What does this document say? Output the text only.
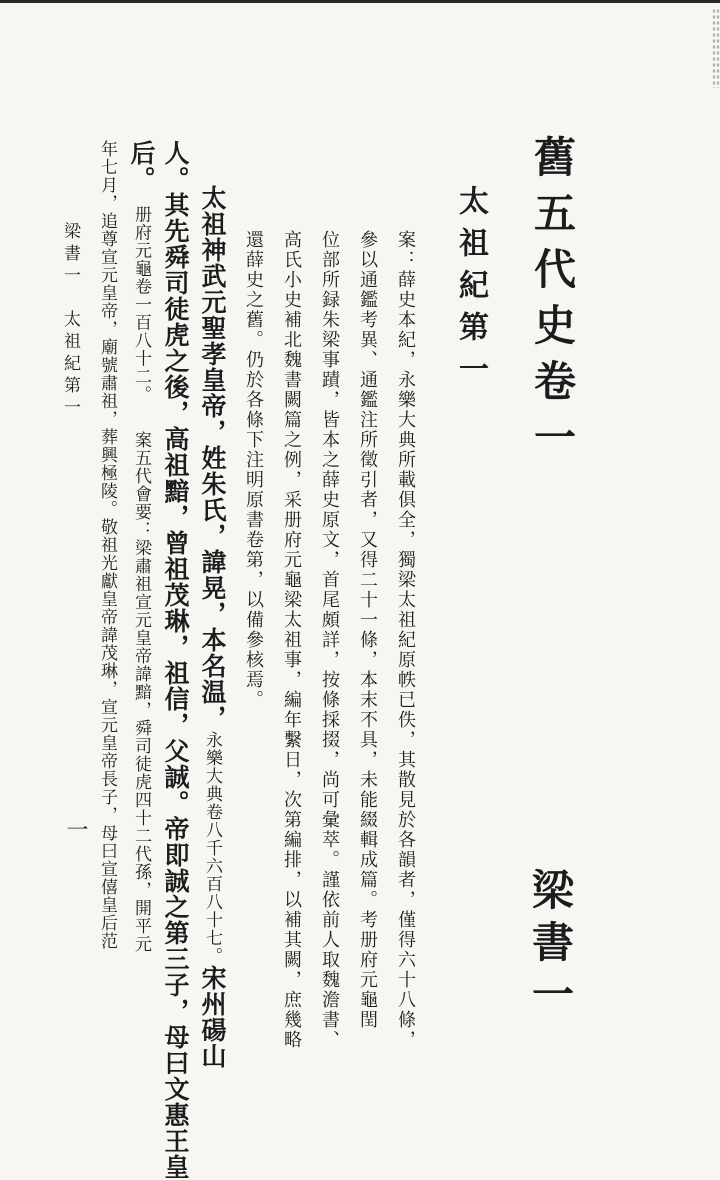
舊五代史卷一
梁書一
太祖紀第一
案：薛史本紀，永樂大典所載俱全，獨梁太祖紀原帙已佚，其散見於各韻者，僅得六十八條，
參以通鑑考異、通鑑注所徵引者，又得二十一條，本末不具，未能綴輯成篇。考册府元龜閏
位部所録朱梁事蹟，皆本之薛史原文，首尾頗詳，按條採掇，尚可彙萃。謹依前人取魏澹書、
高氏小史補北魏書闕篇之例，采册府元龜梁太祖事，編年繫日，次第編排，以補其闕，庶幾略
還薛史之舊。仍於各條下注明原書卷第，以備參核焉。
太祖神武元聖孝皇帝，姓朱氏，諱晃，本名温，永樂大典卷八千六百八十七。宋州碭山
人。其先舜司徒虎之後，高祖黯，曾祖茂琳，祖信，父誠。帝即誠之第三子，母曰文惠王皇
后。　册府元龜卷一百八十二。　　案五代會要：梁肅祖宣元皇帝諱黯，舜司徒虎四十二代孫，開平元
年七月，追尊宣元皇帝，廟號肅祖，葬興極陵。敬祖光獻皇帝諱茂琳，宣元皇帝長子，母曰宣僖皇后范
梁書一　太祖紀第一
一
